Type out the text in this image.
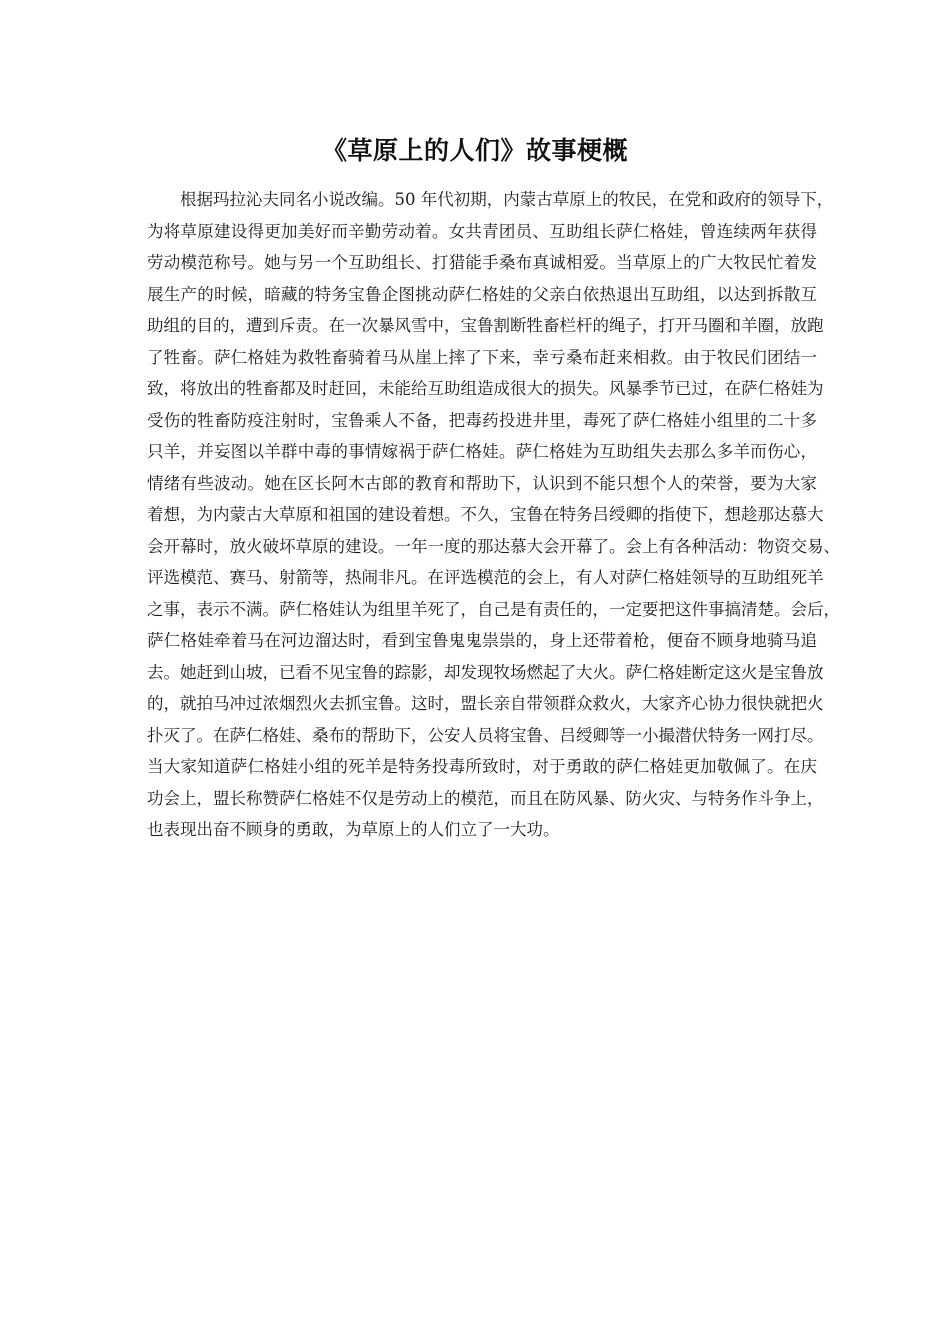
《草原上的人们》故事梗概
根据玛拉沁夫同名小说改编。50 年代初期，内蒙古草原上的牧民，在党和政府的领导下，
为将草原建设得更加美好而辛勤劳动着。女共青团员、互助组长萨仁格娃，曾连续两年获得
劳动模范称号。她与另一个互助组长、打猎能手桑布真诚相爱。当草原上的广大牧民忙着发
展生产的时候，暗藏的特务宝鲁企图挑动萨仁格娃的父亲白依热退出互助组，以达到拆散互
助组的目的，遭到斥责。在一次暴风雪中，宝鲁割断牲畜栏杆的绳子，打开马圈和羊圈，放跑
了牲畜。萨仁格娃为救牲畜骑着马从崖上摔了下来，幸亏桑布赶来相救。由于牧民们团结一
致，将放出的牲畜都及时赶回，未能给互助组造成很大的损失。风暴季节已过，在萨仁格娃为
受伤的牲畜防疫注射时，宝鲁乘人不备，把毒药投进井里，毒死了萨仁格娃小组里的二十多
只羊，并妄图以羊群中毒的事情嫁祸于萨仁格娃。萨仁格娃为互助组失去那么多羊而伤心，
情绪有些波动。她在区长阿木古郎的教育和帮助下，认识到不能只想个人的荣誉，要为大家
着想，为内蒙古大草原和祖国的建设着想。不久，宝鲁在特务吕绶卿的指使下，想趁那达慕大
会开幕时，放火破坏草原的建设。一年一度的那达慕大会开幕了。会上有各种活动：物资交易、
评选模范、赛马、射箭等，热闹非凡。在评选模范的会上，有人对萨仁格娃领导的互助组死羊
之事，表示不满。萨仁格娃认为组里羊死了，自己是有责任的，一定要把这件事搞清楚。会后，
萨仁格娃牵着马在河边溜达时，看到宝鲁鬼鬼祟祟的，身上还带着枪，便奋不顾身地骑马追
去。她赶到山坡，已看不见宝鲁的踪影，却发现牧场燃起了大火。萨仁格娃断定这火是宝鲁放
的，就拍马冲过浓烟烈火去抓宝鲁。这时，盟长亲自带领群众救火，大家齐心协力很快就把火
扑灭了。在萨仁格娃、桑布的帮助下，公安人员将宝鲁、吕绶卿等一小撮潜伏特务一网打尽。
当大家知道萨仁格娃小组的死羊是特务投毒所致时，对于勇敢的萨仁格娃更加敬佩了。在庆
功会上，盟长称赞萨仁格娃不仅是劳动上的模范，而且在防风暴、防火灾、与特务作斗争上，
也表现出奋不顾身的勇敢，为草原上的人们立了一大功。
